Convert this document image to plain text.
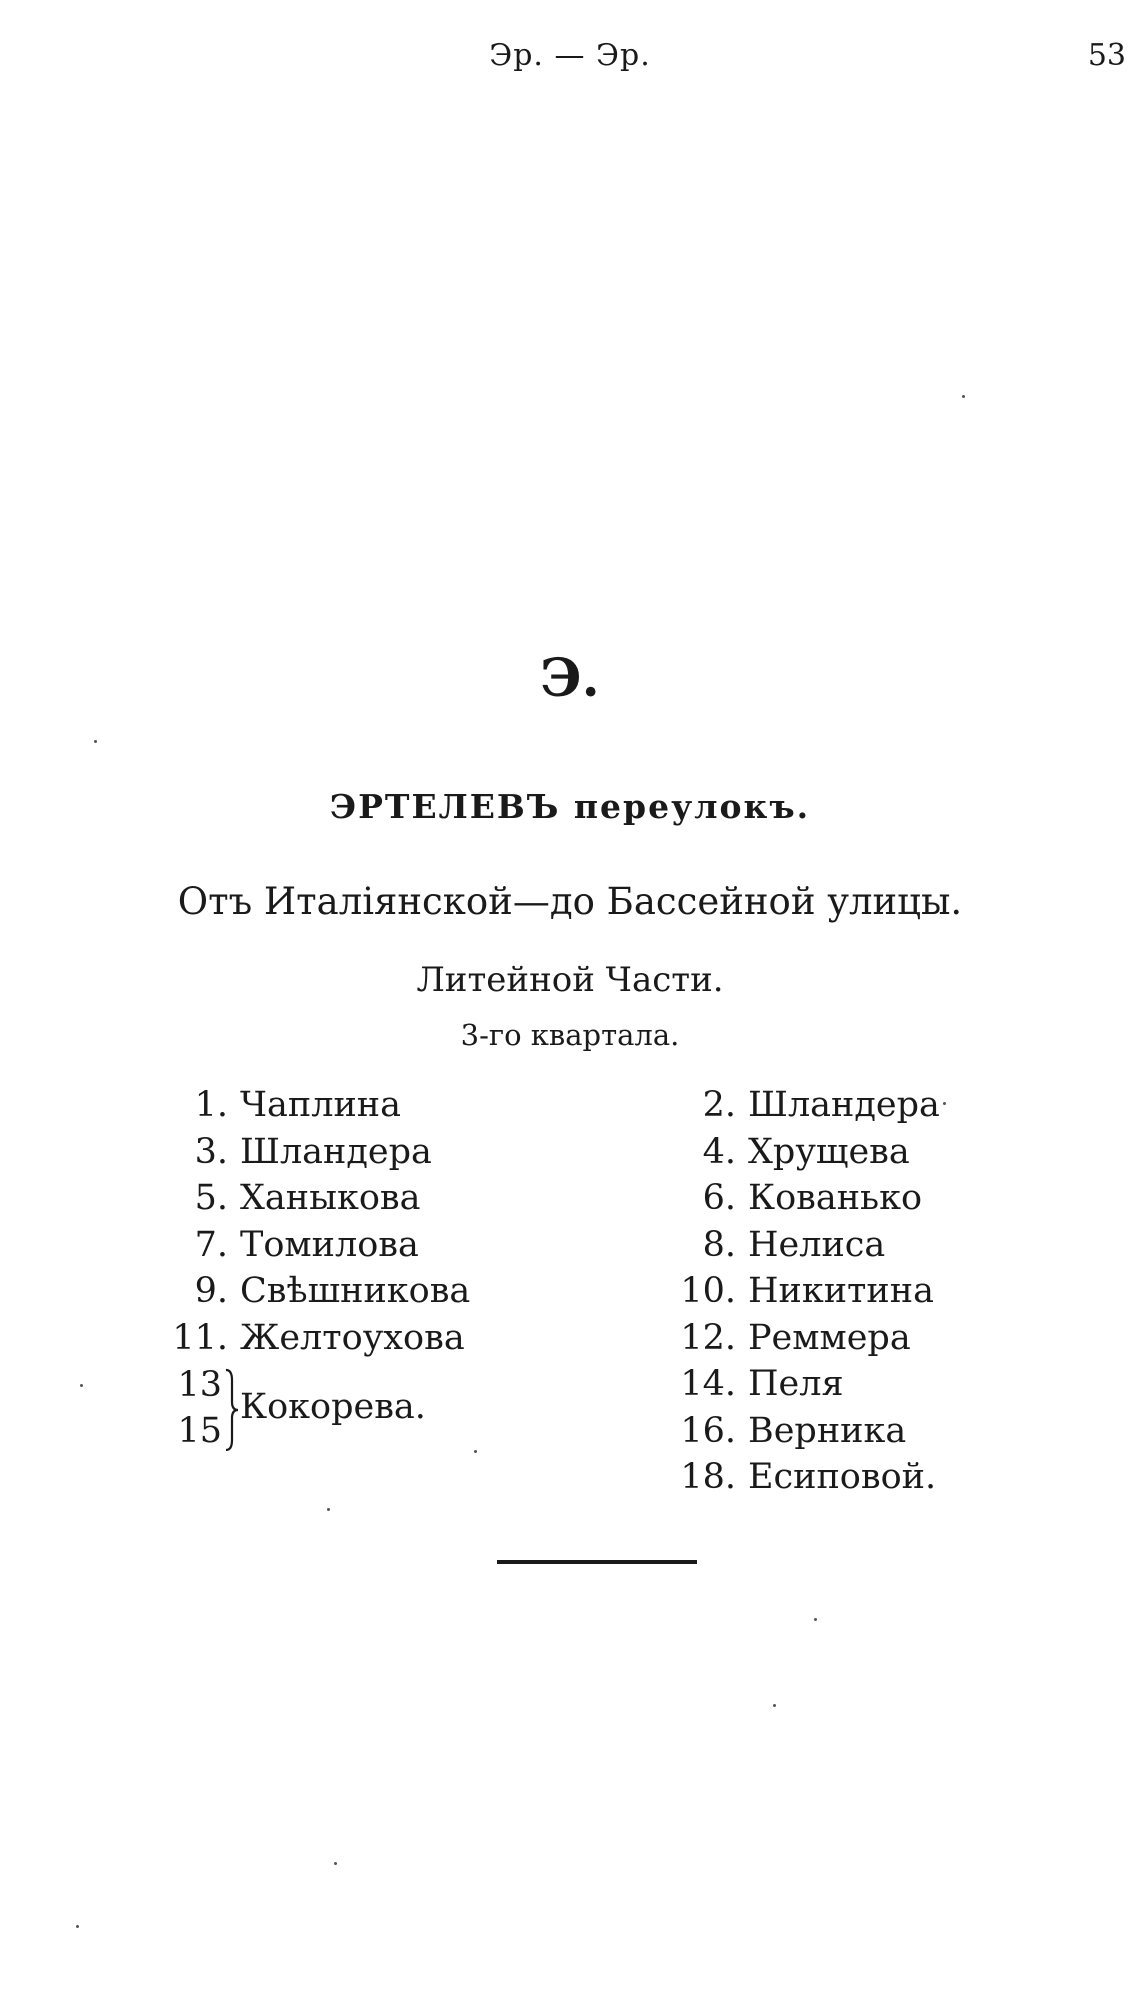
Эр. — Эр.	53
Э.
ЭРТЕЛЕВЪ переулокъ.
Отъ Италіянской—до Бассейной улицы.
Литейной Части.
3-го квартала.
1. Чаплина
3. Шландера
5. Ханыкова
7. Томилова
9. Свѣшникова
11. Желтоухова
13
15
Кокорева.
2. Шландера
4. Хрущева
6. Кованько
8. Нелиса
10. Никитина
12. Реммера
14. Пеля
16. Верника
18. Есиповой.
